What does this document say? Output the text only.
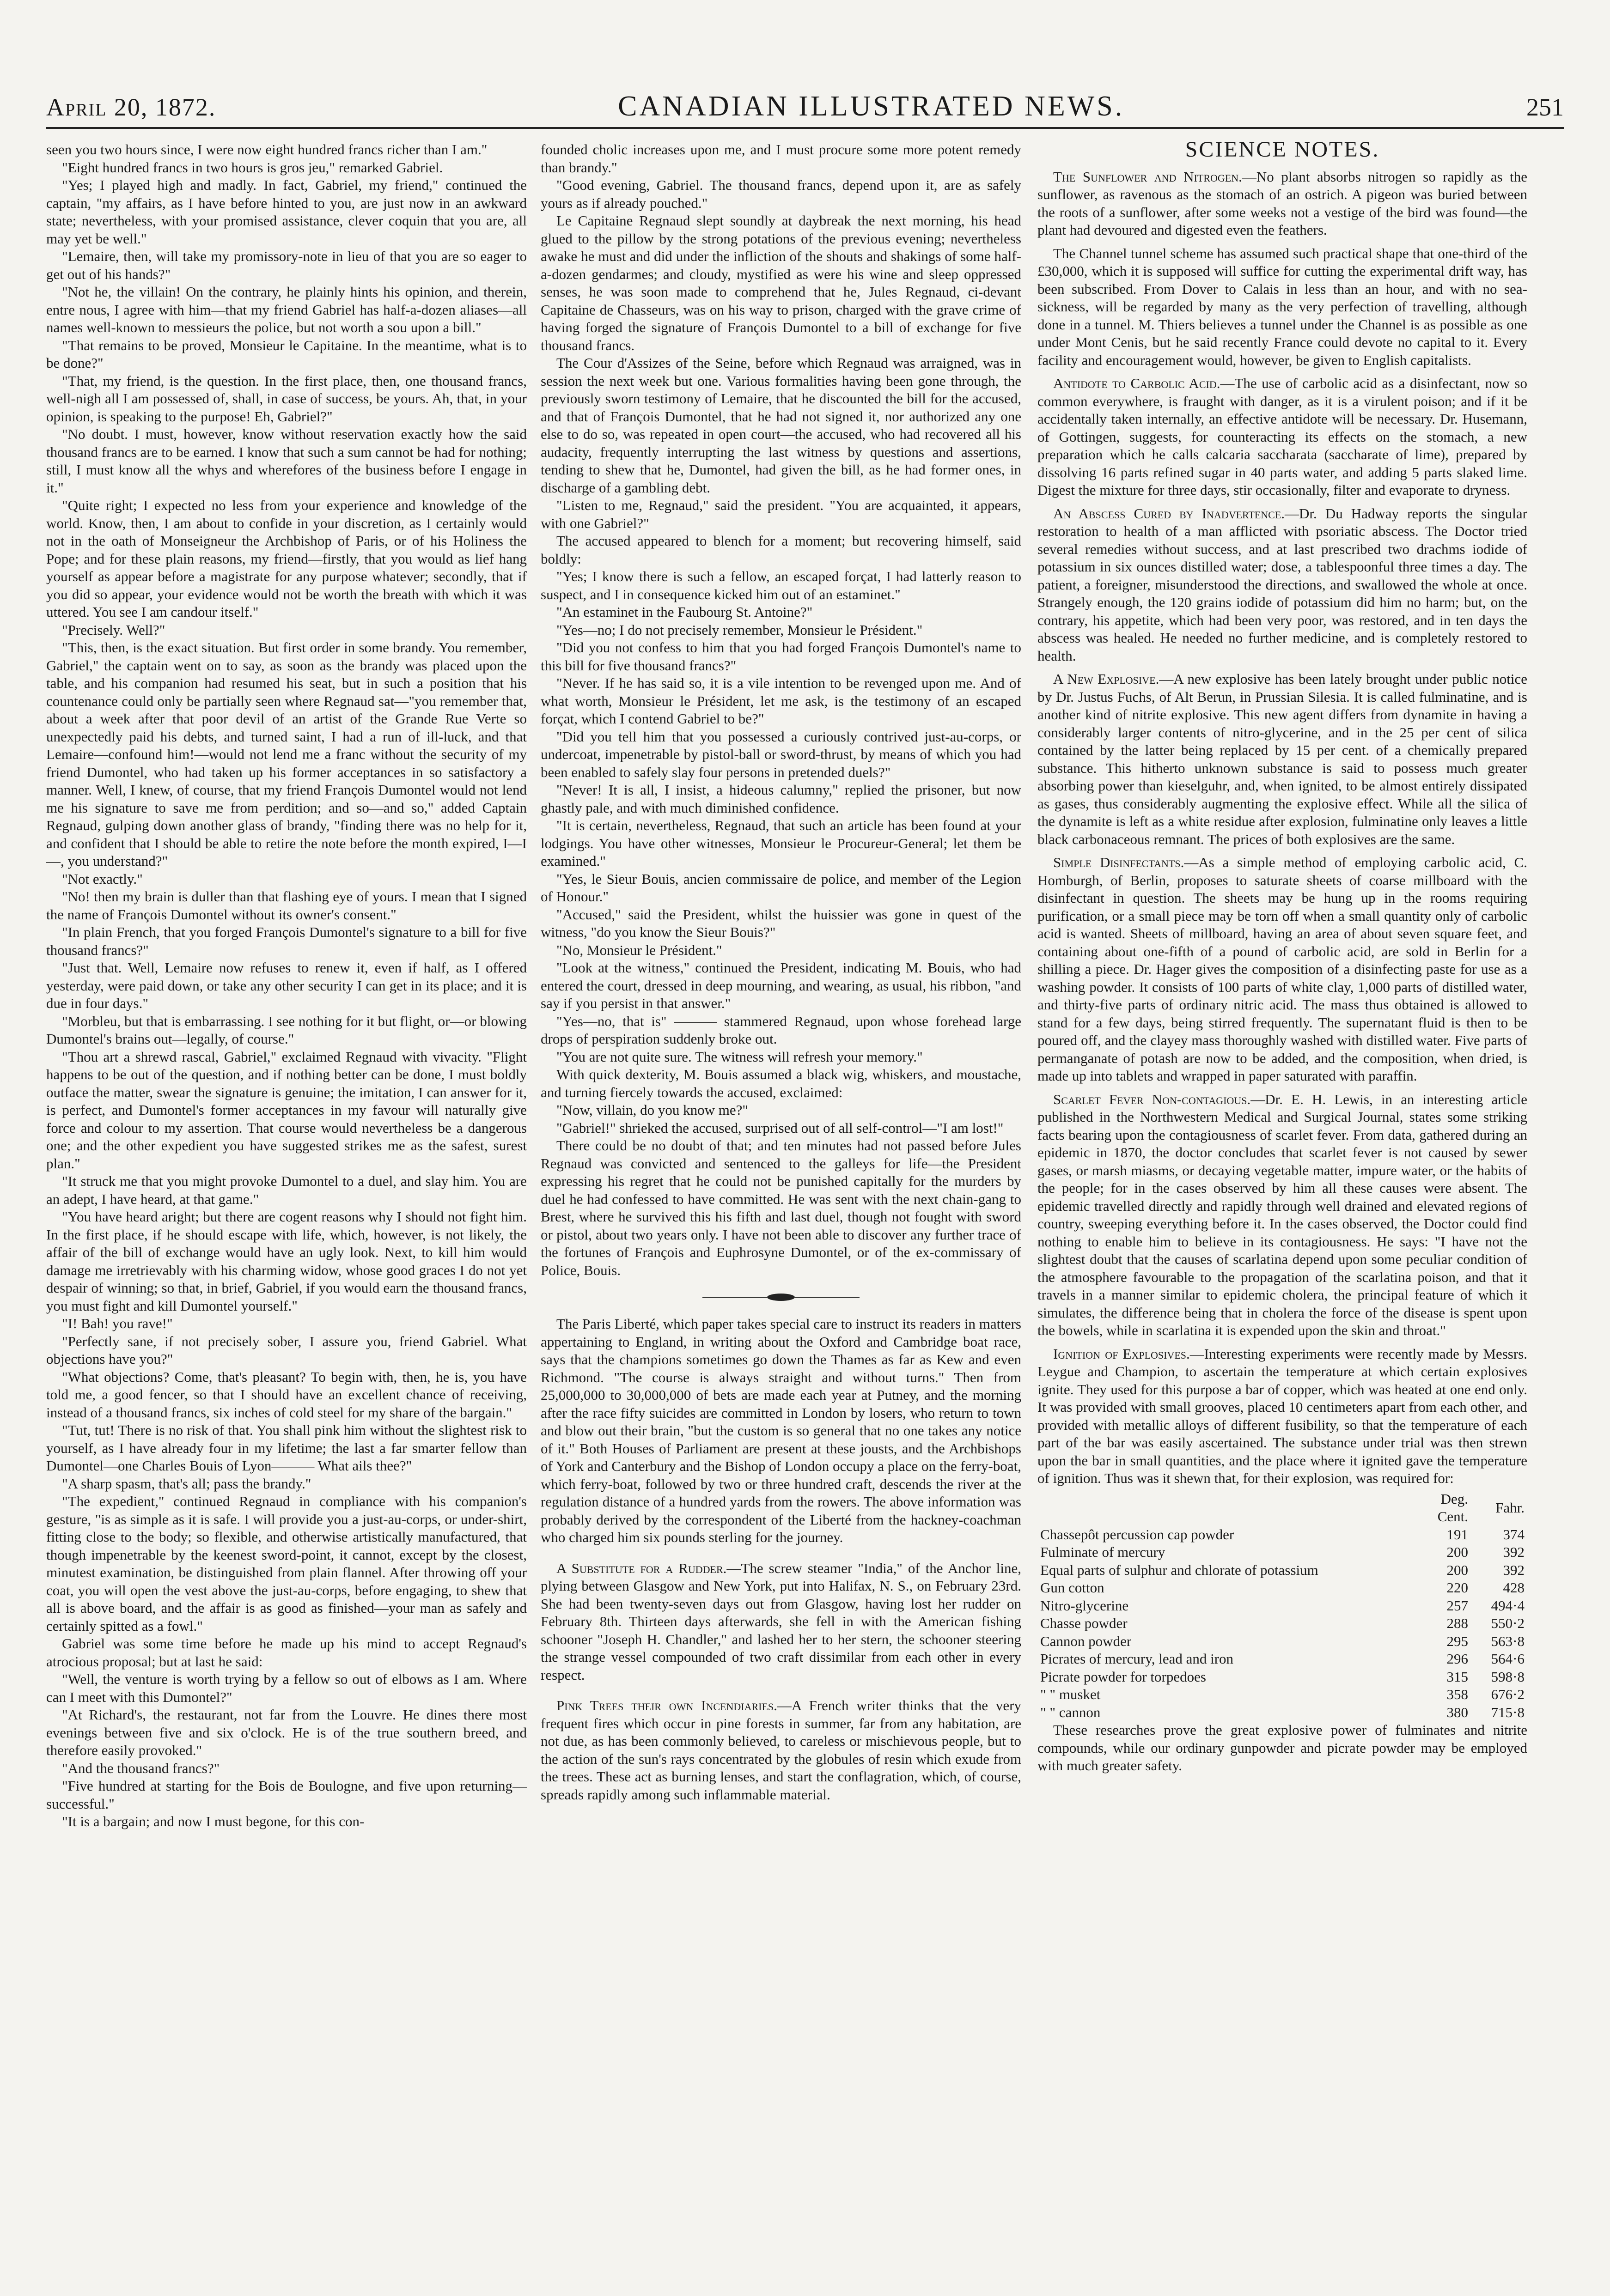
April 20, 1872.	CANADIAN ILLUSTRATED NEWS.	251

seen you two hours since, I were now eight hundred francs richer than I am."

"Eight hundred francs in two hours is gros jeu," remarked Gabriel.

"Yes; I played high and madly. In fact, Gabriel, my friend," continued the captain, "my affairs, as I have before hinted to you, are just now in an awkward state; nevertheless, with your promised assistance, clever coquin that you are, all may yet be well."

"Lemaire, then, will take my promissory-note in lieu of that you are so eager to get out of his hands?"

"Not he, the villain! On the contrary, he plainly hints his opinion, and therein, entre nous, I agree with him—that my friend Gabriel has half-a-dozen aliases—all names well-known to messieurs the police, but not worth a sou upon a bill."

"That remains to be proved, Monsieur le Capitaine. In the meantime, what is to be done?"

"That, my friend, is the question. In the first place, then, one thousand francs, well-nigh all I am possessed of, shall, in case of success, be yours. Ah, that, in your opinion, is speaking to the purpose! Eh, Gabriel?"

"No doubt. I must, however, know without reservation exactly how the said thousand francs are to be earned. I know that such a sum cannot be had for nothing; still, I must know all the whys and wherefores of the business before I engage in it."

"Quite right; I expected no less from your experience and knowledge of the world. Know, then, I am about to confide in your discretion, as I certainly would not in the oath of Monseigneur the Archbishop of Paris, or of his Holiness the Pope; and for these plain reasons, my friend—firstly, that you would as lief hang yourself as appear before a magistrate for any purpose whatever; secondly, that if you did so appear, your evidence would not be worth the breath with which it was uttered. You see I am candour itself."

"Precisely. Well?"

"This, then, is the exact situation. But first order in some brandy. You remember, Gabriel," the captain went on to say, as soon as the brandy was placed upon the table, and his companion had resumed his seat, but in such a position that his countenance could only be partially seen where Regnaud sat—"you remember that, about a week after that poor devil of an artist of the Grande Rue Verte so unexpectedly paid his debts, and turned saint, I had a run of ill-luck, and that Lemaire—confound him!—would not lend me a franc without the security of my friend Dumontel, who had taken up his former acceptances in so satisfactory a manner. Well, I knew, of course, that my friend François Dumontel would not lend me his signature to save me from perdition; and so—and so," added Captain Regnaud, gulping down another glass of brandy, "finding there was no help for it, and confident that I should be able to retire the note before the month expired, I—I—, you understand?"

"Not exactly."

"No! then my brain is duller than that flashing eye of yours. I mean that I signed the name of François Dumontel without its owner's consent."

"In plain French, that you forged François Dumontel's signature to a bill for five thousand francs?"

"Just that. Well, Lemaire now refuses to renew it, even if half, as I offered yesterday, were paid down, or take any other security I can get in its place; and it is due in four days."

"Morbleu, but that is embarrassing. I see nothing for it but flight, or—or blowing Dumontel's brains out—legally, of course."

"Thou art a shrewd rascal, Gabriel," exclaimed Regnaud with vivacity. "Flight happens to be out of the question, and if nothing better can be done, I must boldly outface the matter, swear the signature is genuine; the imitation, I can answer for it, is perfect, and Dumontel's former acceptances in my favour will naturally give force and colour to my assertion. That course would nevertheless be a dangerous one; and the other expedient you have suggested strikes me as the safest, surest plan."

"It struck me that you might provoke Dumontel to a duel, and slay him. You are an adept, I have heard, at that game."

"You have heard aright; but there are cogent reasons why I should not fight him. In the first place, if he should escape with life, which, however, is not likely, the affair of the bill of exchange would have an ugly look. Next, to kill him would damage me irretrievably with his charming widow, whose good graces I do not yet despair of winning; so that, in brief, Gabriel, if you would earn the thousand francs, you must fight and kill Dumontel yourself."

"I! Bah! you rave!"

"Perfectly sane, if not precisely sober, I assure you, friend Gabriel. What objections have you?"

"What objections? Come, that's pleasant? To begin with, then, he is, you have told me, a good fencer, so that I should have an excellent chance of receiving, instead of a thousand francs, six inches of cold steel for my share of the bargain."

"Tut, tut! There is no risk of that. You shall pink him without the slightest risk to yourself, as I have already four in my lifetime; the last a far smarter fellow than Dumontel—one Charles Bouis of Lyon——— What ails thee?"

"A sharp spasm, that's all; pass the brandy."

"The expedient," continued Regnaud in compliance with his companion's gesture, "is as simple as it is safe. I will provide you a just-au-corps, or under-shirt, fitting close to the body; so flexible, and otherwise artistically manufactured, that though impenetrable by the keenest sword-point, it cannot, except by the closest, minutest examination, be distinguished from plain flannel. After throwing off your coat, you will open the vest above the just-au-corps, before engaging, to shew that all is above board, and the affair is as good as finished—your man as safely and certainly spitted as a fowl."

Gabriel was some time before he made up his mind to accept Regnaud's atrocious proposal; but at last he said:

"Well, the venture is worth trying by a fellow so out of elbows as I am. Where can I meet with this Dumontel?"

"At Richard's, the restaurant, not far from the Louvre. He dines there most evenings between five and six o'clock. He is of the true southern breed, and therefore easily provoked."

"And the thousand francs?"

"Five hundred at starting for the Bois de Boulogne, and five upon returning—successful."

"It is a bargain; and now I must begone, for this con-

founded cholic increases upon me, and I must procure some more potent remedy than brandy."

"Good evening, Gabriel. The thousand francs, depend upon it, are as safely yours as if already pouched."

Le Capitaine Regnaud slept soundly at daybreak the next morning, his head glued to the pillow by the strong potations of the previous evening; nevertheless awake he must and did under the infliction of the shouts and shakings of some half-a-dozen gendarmes; and cloudy, mystified as were his wine and sleep oppressed senses, he was soon made to comprehend that he, Jules Regnaud, ci-devant Capitaine de Chasseurs, was on his way to prison, charged with the grave crime of having forged the signature of François Dumontel to a bill of exchange for five thousand francs.

The Cour d'Assizes of the Seine, before which Regnaud was arraigned, was in session the next week but one. Various formalities having been gone through, the previously sworn testimony of Lemaire, that he discounted the bill for the accused, and that of François Dumontel, that he had not signed it, nor authorized any one else to do so, was repeated in open court—the accused, who had recovered all his audacity, frequently interrupting the last witness by questions and assertions, tending to shew that he, Dumontel, had given the bill, as he had former ones, in discharge of a gambling debt.

"Listen to me, Regnaud," said the president. "You are acquainted, it appears, with one Gabriel?"

The accused appeared to blench for a moment; but recovering himself, said boldly:

"Yes; I know there is such a fellow, an escaped forçat, I had latterly reason to suspect, and I in consequence kicked him out of an estaminet."

"An estaminet in the Faubourg St. Antoine?"

"Yes—no; I do not precisely remember, Monsieur le Président."

"Did you not confess to him that you had forged François Dumontel's name to this bill for five thousand francs?"

"Never. If he has said so, it is a vile intention to be revenged upon me. And of what worth, Monsieur le Président, let me ask, is the testimony of an escaped forçat, which I contend Gabriel to be?"

"Did you tell him that you possessed a curiously contrived just-au-corps, or undercoat, impenetrable by pistol-ball or sword-thrust, by means of which you had been enabled to safely slay four persons in pretended duels?"

"Never! It is all, I insist, a hideous calumny," replied the prisoner, but now ghastly pale, and with much diminished confidence.

"It is certain, nevertheless, Regnaud, that such an article has been found at your lodgings. You have other witnesses, Monsieur le Procureur-General; let them be examined."

"Yes, le Sieur Bouis, ancien commissaire de police, and member of the Legion of Honour."

"Accused," said the President, whilst the huissier was gone in quest of the witness, "do you know the Sieur Bouis?"

"No, Monsieur le Président."

"Look at the witness," continued the President, indicating M. Bouis, who had entered the court, dressed in deep mourning, and wearing, as usual, his ribbon, "and say if you persist in that answer."

"Yes—no, that is" ——— stammered Regnaud, upon whose forehead large drops of perspiration suddenly broke out.

"You are not quite sure. The witness will refresh your memory."

With quick dexterity, M. Bouis assumed a black wig, whiskers, and moustache, and turning fiercely towards the accused, exclaimed:

"Now, villain, do you know me?"

"Gabriel!" shrieked the accused, surprised out of all self-control—"I am lost!"

There could be no doubt of that; and ten minutes had not passed before Jules Regnaud was convicted and sentenced to the galleys for life—the President expressing his regret that he could not be punished capitally for the murders by duel he had confessed to have committed. He was sent with the next chain-gang to Brest, where he survived this his fifth and last duel, though not fought with sword or pistol, about two years only. I have not been able to discover any further trace of the fortunes of François and Euphrosyne Dumontel, or of the ex-commissary of Police, Bouis.

The Paris Liberté, which paper takes special care to instruct its readers in matters appertaining to England, in writing about the Oxford and Cambridge boat race, says that the champions sometimes go down the Thames as far as Kew and even Richmond. "The course is always straight and without turns." Then from 25,000,000 to 30,000,000 of bets are made each year at Putney, and the morning after the race fifty suicides are committed in London by losers, who return to town and blow out their brain, "but the custom is so general that no one takes any notice of it." Both Houses of Parliament are present at these jousts, and the Archbishops of York and Canterbury and the Bishop of London occupy a place on the ferry-boat, which ferry-boat, followed by two or three hundred craft, descends the river at the regulation distance of a hundred yards from the rowers. The above information was probably derived by the correspondent of the Liberté from the hackney-coachman who charged him six pounds sterling for the journey.

A Substitute for a Rudder.—The screw steamer "India," of the Anchor line, plying between Glasgow and New York, put into Halifax, N. S., on February 23rd. She had been twenty-seven days out from Glasgow, having lost her rudder on February 8th. Thirteen days afterwards, she fell in with the American fishing schooner "Joseph H. Chandler," and lashed her to her stern, the schooner steering the strange vessel compounded of two craft dissimilar from each other in every respect.

Pink Trees their own Incendiaries.—A French writer thinks that the very frequent fires which occur in pine forests in summer, far from any habitation, are not due, as has been commonly believed, to careless or mischievous people, but to the action of the sun's rays concentrated by the globules of resin which exude from the trees. These act as burning lenses, and start the conflagration, which, of course, spreads rapidly among such inflammable material.

SCIENCE NOTES.

The Sunflower and Nitrogen.—No plant absorbs nitrogen so rapidly as the sunflower, as ravenous as the stomach of an ostrich. A pigeon was buried between the roots of a sunflower, after some weeks not a vestige of the bird was found—the plant had devoured and digested even the feathers.

The Channel tunnel scheme has assumed such practical shape that one-third of the £30,000, which it is supposed will suffice for cutting the experimental drift way, has been subscribed. From Dover to Calais in less than an hour, and with no sea-sickness, will be regarded by many as the very perfection of travelling, although done in a tunnel. M. Thiers believes a tunnel under the Channel is as possible as one under Mont Cenis, but he said recently France could devote no capital to it. Every facility and encouragement would, however, be given to English capitalists.

Antidote to Carbolic Acid.—The use of carbolic acid as a disinfectant, now so common everywhere, is fraught with danger, as it is a virulent poison; and if it be accidentally taken internally, an effective antidote will be necessary. Dr. Husemann, of Gottingen, suggests, for counteracting its effects on the stomach, a new preparation which he calls calcaria saccharata (saccharate of lime), prepared by dissolving 16 parts refined sugar in 40 parts water, and adding 5 parts slaked lime. Digest the mixture for three days, stir occasionally, filter and evaporate to dryness.

An Abscess Cured by Inadvertence.—Dr. Du Hadway reports the singular restoration to health of a man afflicted with psoriatic abscess. The Doctor tried several remedies without success, and at last prescribed two drachms iodide of potassium in six ounces distilled water; dose, a tablespoonful three times a day. The patient, a foreigner, misunderstood the directions, and swallowed the whole at once. Strangely enough, the 120 grains iodide of potassium did him no harm; but, on the contrary, his appetite, which had been very poor, was restored, and in ten days the abscess was healed. He needed no further medicine, and is completely restored to health.

A New Explosive.—A new explosive has been lately brought under public notice by Dr. Justus Fuchs, of Alt Berun, in Prussian Silesia. It is called fulminatine, and is another kind of nitrite explosive. This new agent differs from dynamite in having a considerably larger contents of nitro-glycerine, and in the 25 per cent of silica contained by the latter being replaced by 15 per cent. of a chemically prepared substance. This hitherto unknown substance is said to possess much greater absorbing power than kieselguhr, and, when ignited, to be almost entirely dissipated as gases, thus considerably augmenting the explosive effect. While all the silica of the dynamite is left as a white residue after explosion, fulminatine only leaves a little black carbonaceous remnant. The prices of both explosives are the same.

Simple Disinfectants.—As a simple method of employing carbolic acid, C. Homburgh, of Berlin, proposes to saturate sheets of coarse millboard with the disinfectant in question. The sheets may be hung up in the rooms requiring purification, or a small piece may be torn off when a small quantity only of carbolic acid is wanted. Sheets of millboard, having an area of about seven square feet, and containing about one-fifth of a pound of carbolic acid, are sold in Berlin for a shilling a piece. Dr. Hager gives the composition of a disinfecting paste for use as a washing powder. It consists of 100 parts of white clay, 1,000 parts of distilled water, and thirty-five parts of ordinary nitric acid. The mass thus obtained is allowed to stand for a few days, being stirred frequently. The supernatant fluid is then to be poured off, and the clayey mass thoroughly washed with distilled water. Five parts of permanganate of potash are now to be added, and the composition, when dried, is made up into tablets and wrapped in paper saturated with paraffin.

Scarlet Fever Non-contagious.—Dr. E. H. Lewis, in an interesting article published in the Northwestern Medical and Surgical Journal, states some striking facts bearing upon the contagiousness of scarlet fever. From data, gathered during an epidemic in 1870, the doctor concludes that scarlet fever is not caused by sewer gases, or marsh miasms, or decaying vegetable matter, impure water, or the habits of the people; for in the cases observed by him all these causes were absent. The epidemic travelled directly and rapidly through well drained and elevated regions of country, sweeping everything before it. In the cases observed, the Doctor could find nothing to enable him to believe in its contagiousness. He says: "I have not the slightest doubt that the causes of scarlatina depend upon some peculiar condition of the atmosphere favourable to the propagation of the scarlatina poison, and that it travels in a manner similar to epidemic cholera, the principal feature of which it simulates, the difference being that in cholera the force of the disease is spent upon the bowels, while in scarlatina it is expended upon the skin and throat."

Ignition of Explosives.—Interesting experiments were recently made by Messrs. Leygue and Champion, to ascertain the temperature at which certain explosives ignite. They used for this purpose a bar of copper, which was heated at one end only. It was provided with small grooves, placed 10 centimeters apart from each other, and provided with metallic alloys of different fusibility, so that the temperature of each part of the bar was easily ascertained. The substance under trial was then strewn upon the bar in small quantities, and the place where it ignited gave the temperature of ignition. Thus was it shewn that, for their explosion, was required for:

	Deg. Cent.	Fahr.
Chassepôt percussion cap powder	191	374
Fulminate of mercury	200	392
Equal parts of sulphur and chlorate of potassium	200	392
Gun cotton	220	428
Nitro-glycerine	257	494·4
Chasse powder	288	550·2
Cannon powder	295	563·8
Picrates of mercury, lead and iron	296	564·6
Picrate powder for torpedoes	315	598·8
" " musket	358	676·2
" " cannon	380	715·8

These researches prove the great explosive power of fulminates and nitrite compounds, while our ordinary gunpowder and picrate powder may be employed with much greater safety.
